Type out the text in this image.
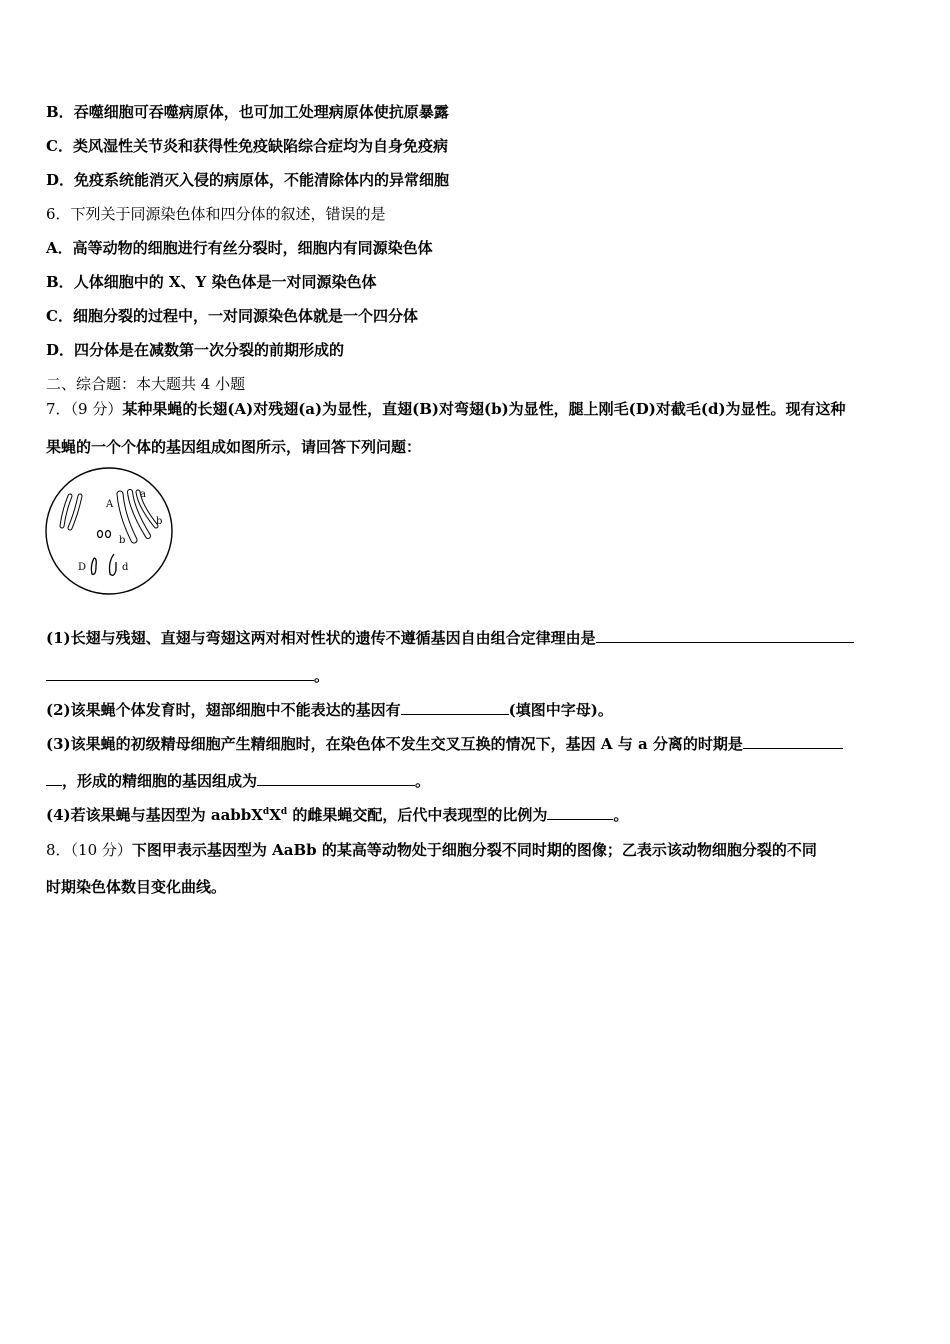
B．吞噬细胞可吞噬病原体，也可加工处理病原体使抗原暴露
C．类风湿性关节炎和获得性免疫缺陷综合症均为自身免疫病
D．免疫系统能消灭入侵的病原体，不能清除体内的异常细胞
6．下列关于同源染色体和四分体的叙述，错误的是
A．高等动物的细胞进行有丝分裂时，细胞内有同源染色体
B．人体细胞中的 X、Y 染色体是一对同源染色体
C．细胞分裂的过程中，一对同源染色体就是一个四分体
D．四分体是在减数第一次分裂的前期形成的
二、综合题：本大题共 4 小题
7．（9 分）某种果蝇的长翅(A)对残翅(a)为显性，直翅(B)对弯翅(b)为显性，腿上刚毛(D)对截毛(d)为显性。现有这种
果蝇的一个个体的基因组成如图所示，请回答下列问题：
A
a
b
b
D	d
(1)长翅与残翅、直翅与弯翅这两对相对性状的遗传不遵循基因自由组合定律理由是
。
(2)该果蝇个体发育时，翅部细胞中不能表达的基因有	(填图中字母)。
(3)该果蝇的初级精母细胞产生精细胞时，在染色体不发生交叉互换的情况下，基因 A 与 a 分离的时期是
，形成的精细胞的基因组成为	。
(4)若该果蝇与基因型为 $aabbX^dX^d$ 的雌果蝇交配，后代中表现型的比例为	。
8．（10 分）下图甲表示基因型为 AaBb 的某高等动物处于细胞分裂不同时期的图像；乙表示该动物细胞分裂的不同
时期染色体数目变化曲线。
